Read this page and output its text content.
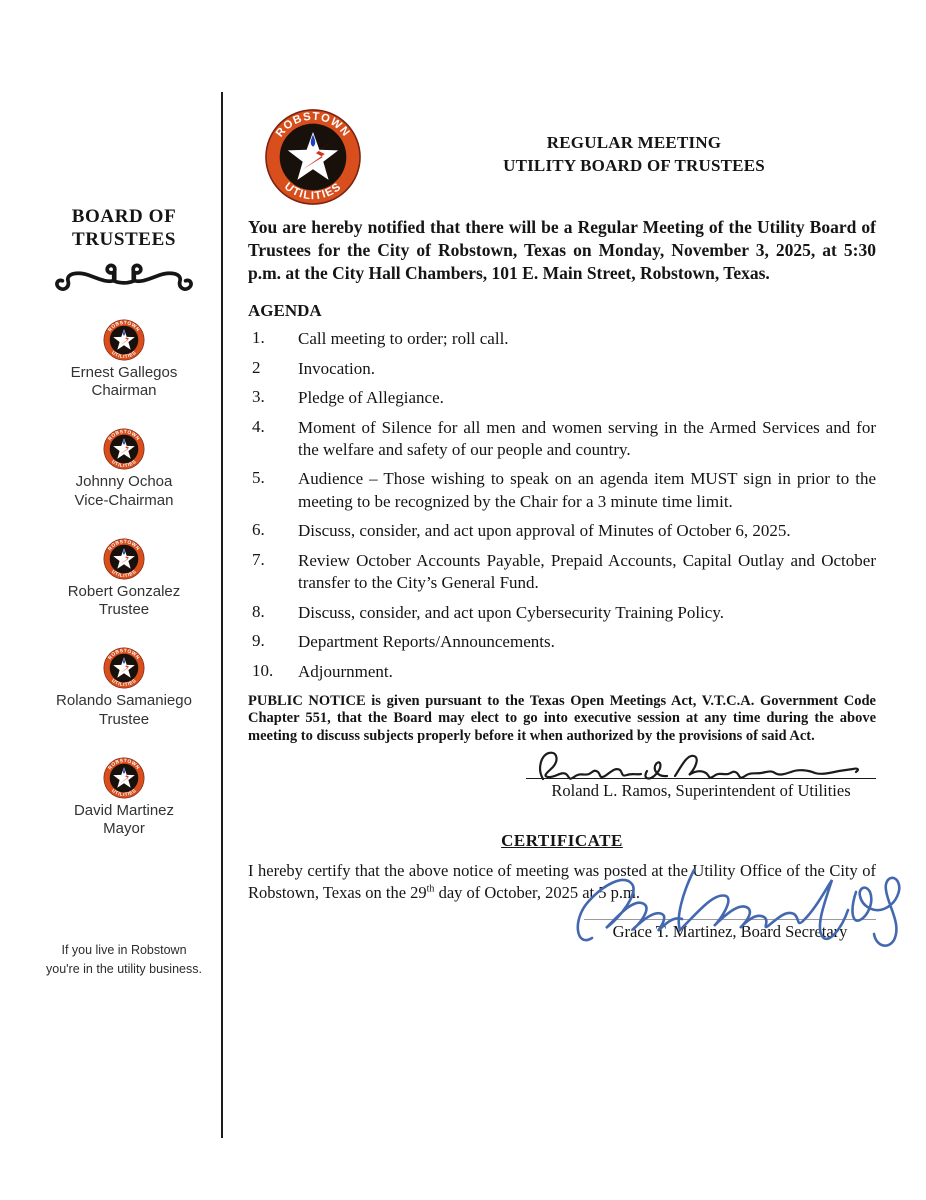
BOARD OF
TRUSTEES
Ernest Gallegos
Chairman
Johnny Ochoa
Vice-Chairman
Robert Gonzalez
Trustee
Rolando Samaniego
Trustee
David Martinez
Mayor
If you live in Robstown
you're in the utility business.
REGULAR MEETING
UTILITY BOARD OF TRUSTEES

You are hereby notified that there will be a Regular Meeting of the Utility Board of Trustees for the City of Robstown, Texas on Monday, November 3, 2025, at 5:30 p.m. at the City Hall Chambers, 101 E. Main Street, Robstown, Texas.

AGENDA
1.	Call meeting to order; roll call.
2	Invocation.
3.	Pledge of Allegiance.
4.	Moment of Silence for all men and women serving in the Armed Services and for the welfare and safety of our people and country.
5.	Audience – Those wishing to speak on an agenda item MUST sign in prior to the meeting to be recognized by the Chair for a 3 minute time limit.
6.	Discuss, consider, and act upon approval of Minutes of October 6, 2025.
7.	Review October Accounts Payable, Prepaid Accounts, Capital Outlay and October transfer to the City’s General Fund.
8.	Discuss, consider, and act upon Cybersecurity Training Policy.
9.	Department Reports/Announcements.
10.	Adjournment.

PUBLIC NOTICE is given pursuant to the Texas Open Meetings Act, V.T.C.A. Government Code Chapter 551, that the Board may elect to go into executive session at any time during the above meeting to discuss subjects properly before it when authorized by the provisions of said Act.

Roland L. Ramos, Superintendent of Utilities
CERTIFICATE

I hereby certify that the above notice of meeting was posted at the Utility Office of the City of Robstown, Texas on the 29th day of October, 2025 at 5 p.m.

Grace T. Martinez, Board Secretary
